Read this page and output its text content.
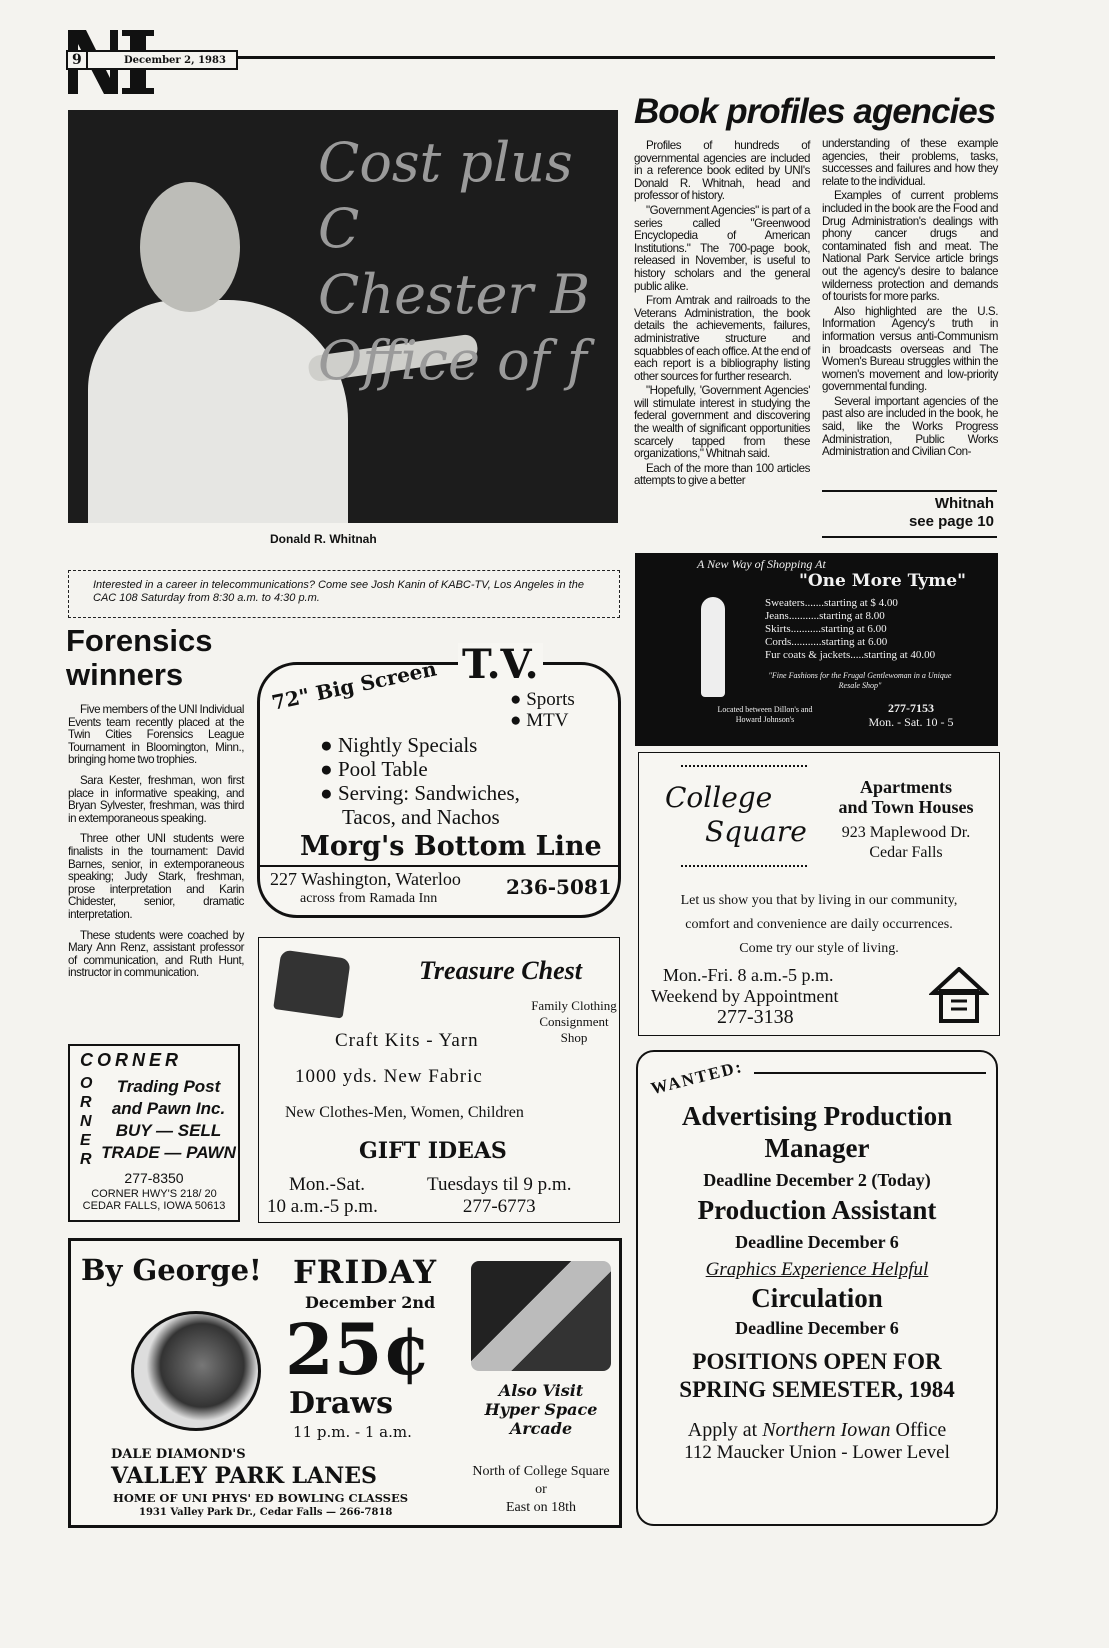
9	December 2, 1983
Cost plus C
Chester B
Office of f
Donald R. Whitnah
Book profiles agencies

Profiles of hundreds of governmental agencies are included in a reference book edited by UNI's Donald R. Whitnah, head and professor of history.

"Government Agencies" is part of a series called "Greenwood Encyclopedia of American Institutions." The 700-page book, released in November, is useful to history scholars and the general public alike.

From Amtrak and railroads to the Veterans Administration, the book details the achievements, failures, administrative structure and squabbles of each office. At the end of each report is a bibliography listing other sources for further research.

"Hopefully, 'Government Agencies' will stimulate interest in studying the federal government and discovering the wealth of significant opportunities scarcely tapped from these organizations," Whitnah said.

Each of the more than 100 articles attempts to give a better

understanding of these example agencies, their problems, tasks, successes and failures and how they relate to the individual.

Examples of current problems included in the book are the Food and Drug Administration's dealings with phony cancer drugs and contaminated fish and meat. The National Park Service article brings out the agency's desire to balance wilderness protection and demands of tourists for more parks.

Also highlighted are the U.S. Information Agency's truth in information versus anti-Communism in broadcasts overseas and The Women's Bureau struggles within the women's movement and low-priority governmental funding.

Several important agencies of the past also are included in the book, he said, like the Works Progress Administration, Public Works Administration and Civilian Con-

Whitnah
see page 10
Interested in a career in telecommunications? Come see Josh Kanin of KABC-TV, Los Angeles in the CAC 108 Saturday from 8:30 a.m. to 4:30 p.m.
Forensics
winners

Five members of the UNI Individual Events team recently placed at the Twin Cities Forensics League Tournament in Bloomington, Minn., bringing home two trophies.

Sara Kester, freshman, won first place in informative speaking, and Bryan Sylvester, freshman, was third in extemporaneous speaking.

Three other UNI students were finalists in the tournament: David Barnes, senior, in extemporaneous speaking; Judy Stark, freshman, prose interpretation and Karin Chidester, senior, dramatic interpretation.

These students were coached by Mary Ann Renz, assistant professor of communication, and Ruth Hunt, instructor in communication.

CORNER
O
R
N
E
R
Trading Post
and Pawn Inc.
BUY — SELL
TRADE — PAWN
277-8350
CORNER HWY'S 218/ 20
CEDAR FALLS, IOWA 50613
72" Big Screen T.V.
● Sports
● MTV
● Nightly Specials
● Pool Table
● Serving: Sandwiches,
Tacos, and Nachos
Morg's Bottom Line
227 Washington, Waterloo
across from Ramada Inn	236-5081
Treasure Chest
Family Clothing Consignment Shop
Craft Kits - Yarn
1000 yds. New Fabric
New Clothes-Men, Women, Children
GIFT IDEAS
Mon.-Sat.
10 a.m.-5 p.m.
Tuesdays til 9 p.m.
277-6773
By George! FRIDAY
December 2nd
25¢
Draws
11 p.m. - 1 a.m.
DALE DIAMOND'S
VALLEY PARK LANES
HOME OF UNI PHYS' ED BOWLING CLASSES
1931 Valley Park Dr., Cedar Falls — 266-7818
Also Visit Hyper Space Arcade
North of College Square
or
East on 18th
A New Way of Shopping At
"One More Tyme"
Sweaters.......starting at $ 4.00
Jeans...........starting at 8.00
Skirts...........starting at 6.00
Cords...........starting at 6.00
Fur coats & jackets.....starting at 40.00
"Fine Fashions for the Frugal Gentlewoman in a Unique Resale Shop"
Located between Dillon's and Howard Johnson's
277-7153
Mon. - Sat. 10 - 5
College
Square
Apartments
and Town Houses
923 Maplewood Dr.
Cedar Falls
Let us show you that by living in our community,
comfort and convenience are daily occurrences.
Come try our style of living.
Mon.-Fri. 8 a.m.-5 p.m.
Weekend by Appointment
277-3138
WANTED:
Advertising Production Manager
Deadline December 2 (Today)
Production Assistant
Deadline December 6
Graphics Experience Helpful
Circulation
Deadline December 6
POSITIONS OPEN FOR
SPRING SEMESTER, 1984
Apply at Northern Iowan Office
112 Maucker Union - Lower Level
